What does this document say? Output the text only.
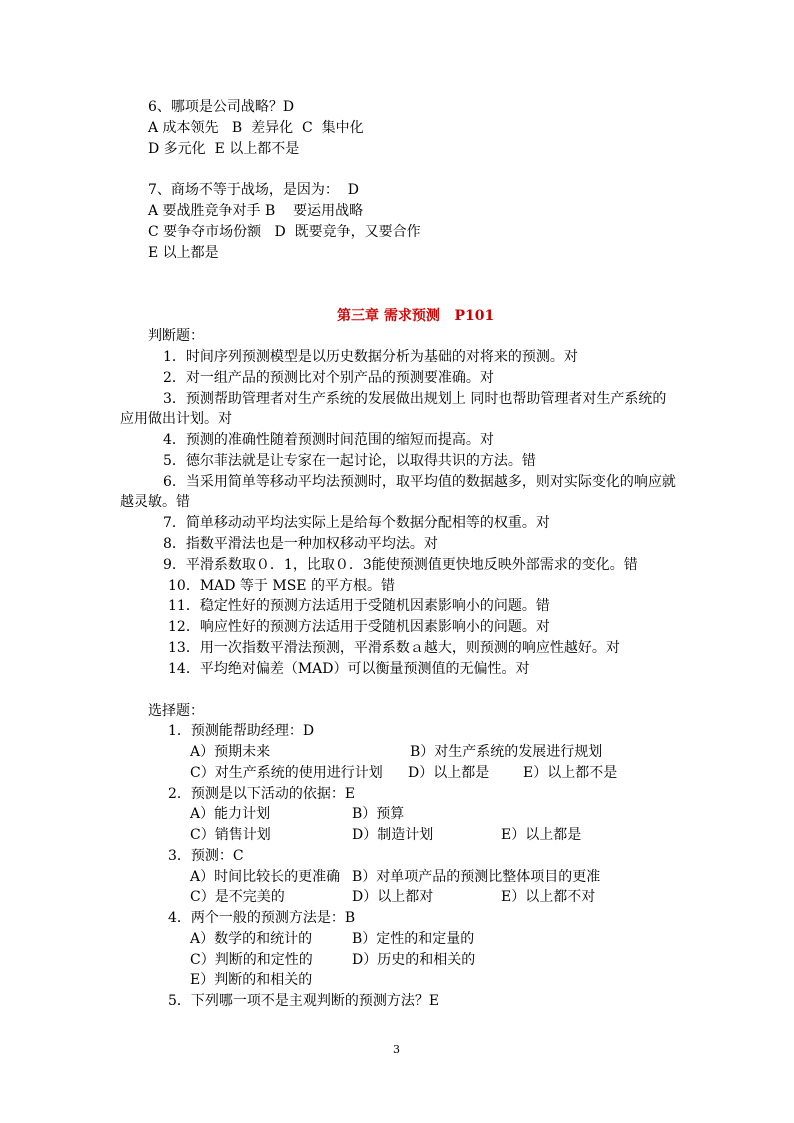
6、哪项是公司战略？D
A 成本领先   B  差异化  C  集中化
D 多元化  E 以上都不是
7、商场不等于战场，是因为：  D
A 要战胜竞争对手 B    要运用战略
C 要争夺市场份额   D  既要竞争，又要合作
E 以上都是
第三章 需求预测   P101
判断题：
1．时间序列预测模型是以历史数据分析为基础的对将来的预测。对
2．对一组产品的预测比对个别产品的预测要准确。对
3．预测帮助管理者对生产系统的发展做出规划上 同时也帮助管理者对生产系统的
应用做出计划。对
4．预测的准确性随着预测时间范围的缩短而提高。对
5．德尔菲法就是让专家在一起讨论，以取得共识的方法。错
6．当采用简单等移动平均法预测时，取平均值的数据越多，则对实际变化的响应就
越灵敏。错
7．简单移动动平均法实际上是给每个数据分配相等的权重。对
8．指数平滑法也是一种加权移动平均法。对
9．平滑系数取０．1，比取０．3能使预测值更快地反映外部需求的变化。错
10．MAD 等于 MSE 的平方根。错
11．稳定性好的预测方法适用于受随机因素影响小的问题。错
12．响应性好的预测方法适用于受随机因素影响小的问题。对
13．用一次指数平滑法预测，平滑系数ａ越大，则预测的响应性越好。对
14．平均绝对偏差（MAD）可以衡量预测值的无偏性。对
选择题：
1．预测能帮助经理：D
A）预期未来	B）对生产系统的发展进行规划
C）对生产系统的使用进行计划 D）以上都是 E）以上都不是
2．预测是以下活动的依据：E
A）能力计划	B）预算
C）销售计划	D）制造计划	E）以上都是
3．预测：C
A）时间比较长的更准确 B）对单项产品的预测比整体项目的更准
C）是不完美的	D）以上都对	E）以上都不对
4．两个一般的预测方法是：B
A）数学的和统计的	B）定性的和定量的
C）判断的和定性的	D）历史的和相关的
E）判断的和相关的
5．下列哪一项不是主观判断的预测方法？E
3
